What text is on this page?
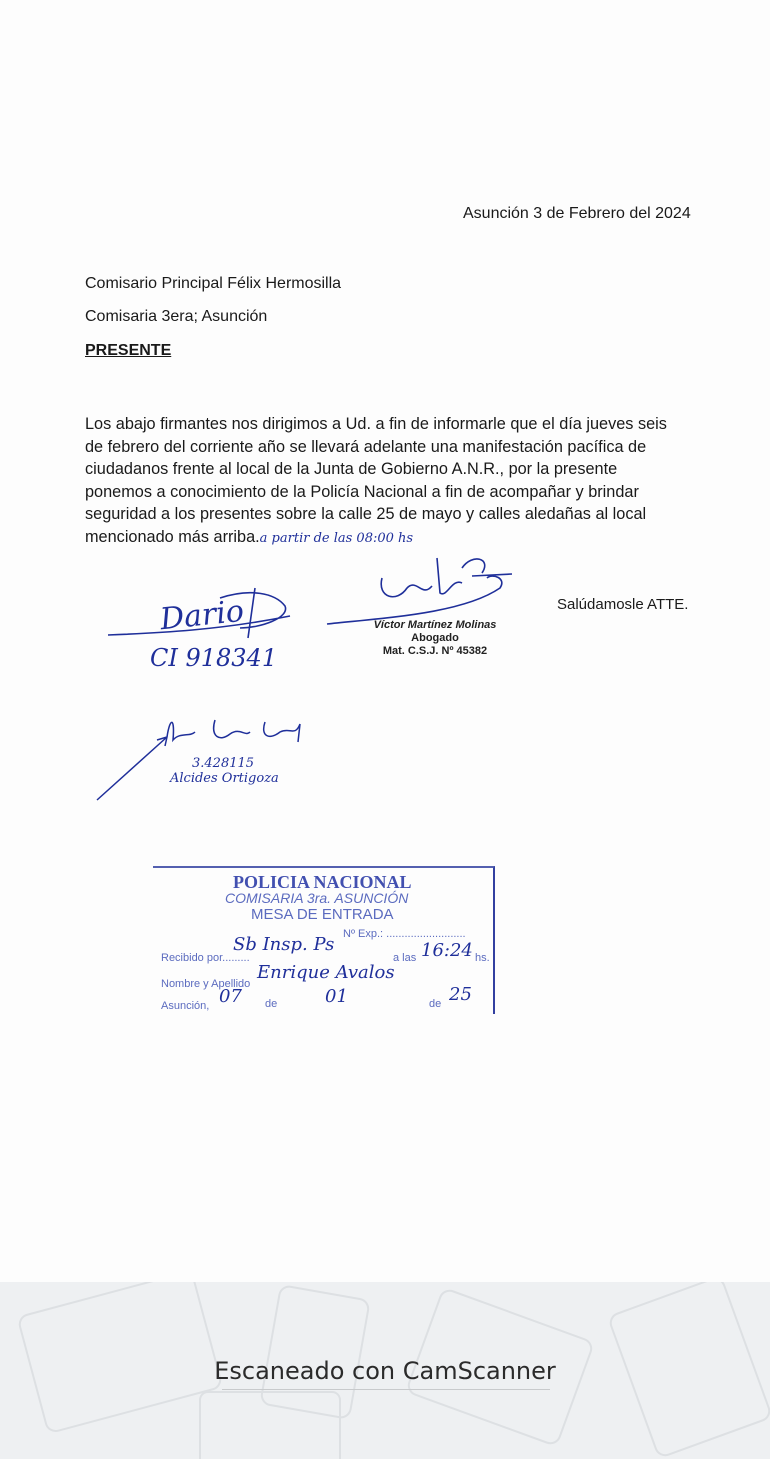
Asunción 3 de Febrero del 2024
Comisario Principal Félix Hermosilla
Comisaria 3era; Asunción
PRESENTE

Los abajo firmantes nos dirigimos a Ud. a fin de informarle que el día jueves seis

de febrero del corriente año se llevará adelante una manifestación pacífica de

ciudadanos frente al local de la Junta de Gobierno A.N.R., por la presente

ponemos a conocimiento de la Policía Nacional a fin de acompañar y brindar

seguridad a los presentes sobre la calle 25 de mayo y calles aledañas al local

mencionado más arriba.a partir de las 08:00 hs

Salúdamosle ATTE.
Dario
CI 918341
Víctor Martínez Molinas
Abogado
Mat. C.S.J. Nº 45382
3.428115
Alcides Ortigoza
POLICIA NACIONAL
COMISARIA 3ra. ASUNCIÓN
MESA DE ENTRADA
Nº Exp.: ..........................
Recibido por.........
Sb Insp. Ps
a las 16:24 hs.
Nombre y Apellido
Enrique Avalos
Asunción, 07 de	01	de 25
Escaneado con CamScanner
